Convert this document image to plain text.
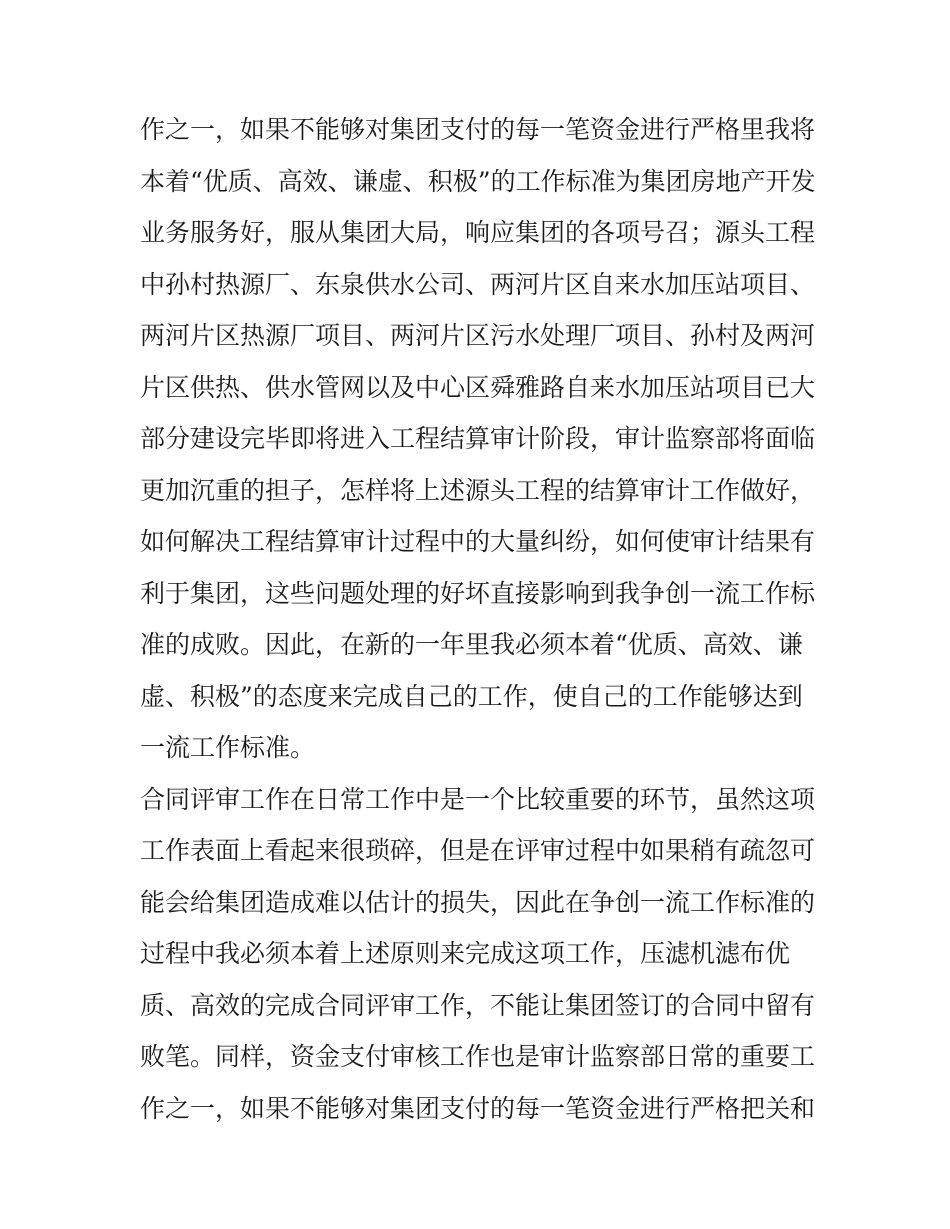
作之一，如果不能够对集团支付的每一笔资金进行严格里我将
本着“优质、高效、谦虚、积极”的工作标准为集团房地产开发
业务服务好，服从集团大局，响应集团的各项号召；源头工程
中孙村热源厂、东泉供水公司、两河片区自来水加压站项目、
两河片区热源厂项目、两河片区污水处理厂项目、孙村及两河
片区供热、供水管网以及中心区舜雅路自来水加压站项目已大
部分建设完毕即将进入工程结算审计阶段，审计监察部将面临
更加沉重的担子，怎样将上述源头工程的结算审计工作做好，
如何解决工程结算审计过程中的大量纠纷，如何使审计结果有
利于集团，这些问题处理的好坏直接影响到我争创一流工作标
准的成败。因此，在新的一年里我必须本着“优质、高效、谦
虚、积极”的态度来完成自己的工作，使自己的工作能够达到
一流工作标准。
合同评审工作在日常工作中是一个比较重要的环节，虽然这项
工作表面上看起来很琐碎，但是在评审过程中如果稍有疏忽可
能会给集团造成难以估计的损失，因此在争创一流工作标准的
过程中我必须本着上述原则来完成这项工作，压滤机滤布优
质、高效的完成合同评审工作，不能让集团签订的合同中留有
败笔。同样，资金支付审核工作也是审计监察部日常的重要工
作之一，如果不能够对集团支付的每一笔资金进行严格把关和
